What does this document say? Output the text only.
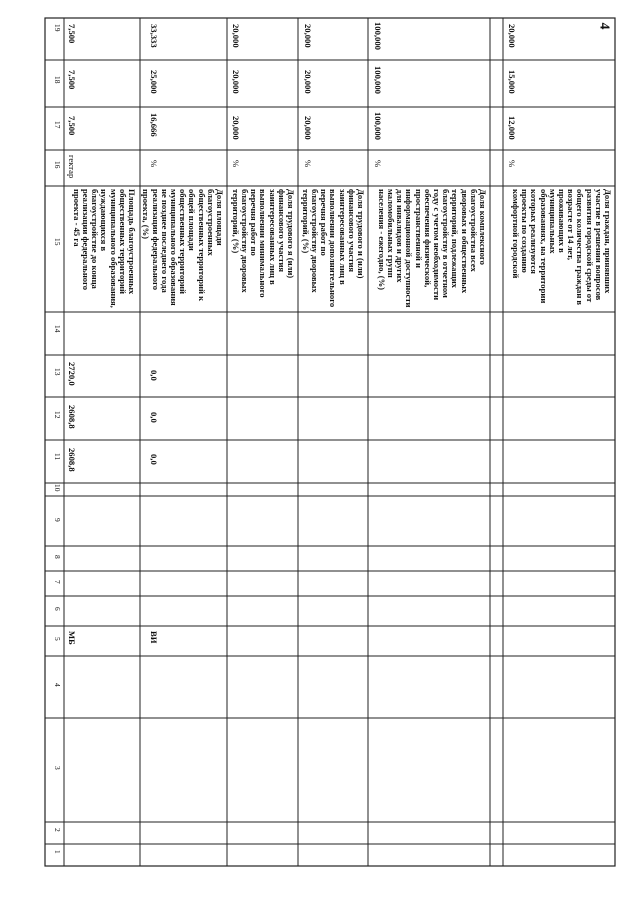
4
19
18
17
16
15
14
13
12
11
10
9
8
7
6
5
4
3
2
1
7,500
7,500
7,500
гектар
Площадь благоустроенных общественных территорий муниципального образования, нуждающихся в благоустройстве до конца реализации федерального проекта - 45 га
2720,0
2608,8
2608,8
МБ
33,333
25,000
16,666
%
Доля площади благоустроенных общественных территорий к общей площади общественных территорий муниципального образования не позднее последнего года реализации федерального проекта, (%)
0,0
0,0
0,0
ВИ
20,000
20,000
20,000
%
Доля трудового я (или) финансового участия заинтересованных лиц в выполнении минимального перечня работ по благоустройству дворовых территорий, (%)
20,000
20,000
20,000
%
Доля трудового и (или) финансового участия заинтересованных лиц в выполнении дополнительного перечня работ по благоустройству дворовых территорий, (%)
100,000
100,000
100,000
%
Доля комплексного благоустройства всех дворовых и общественных территорий, подлежащих благоустройству в отчетном году с учетом необходимости обеспечения физической, пространственной и информационной доступности для инвалидов и других маломобильных групп населения - ежегодно, (%)
20,000
15,000
12,000
%
Доля граждан, принявших участие в решении вопросов развития городской среды от общего количества граждан в возрасте от 14 лет, проживающих в муниципальных образованиях, на территории которых реализуются проекты по созданию комфортной городской
